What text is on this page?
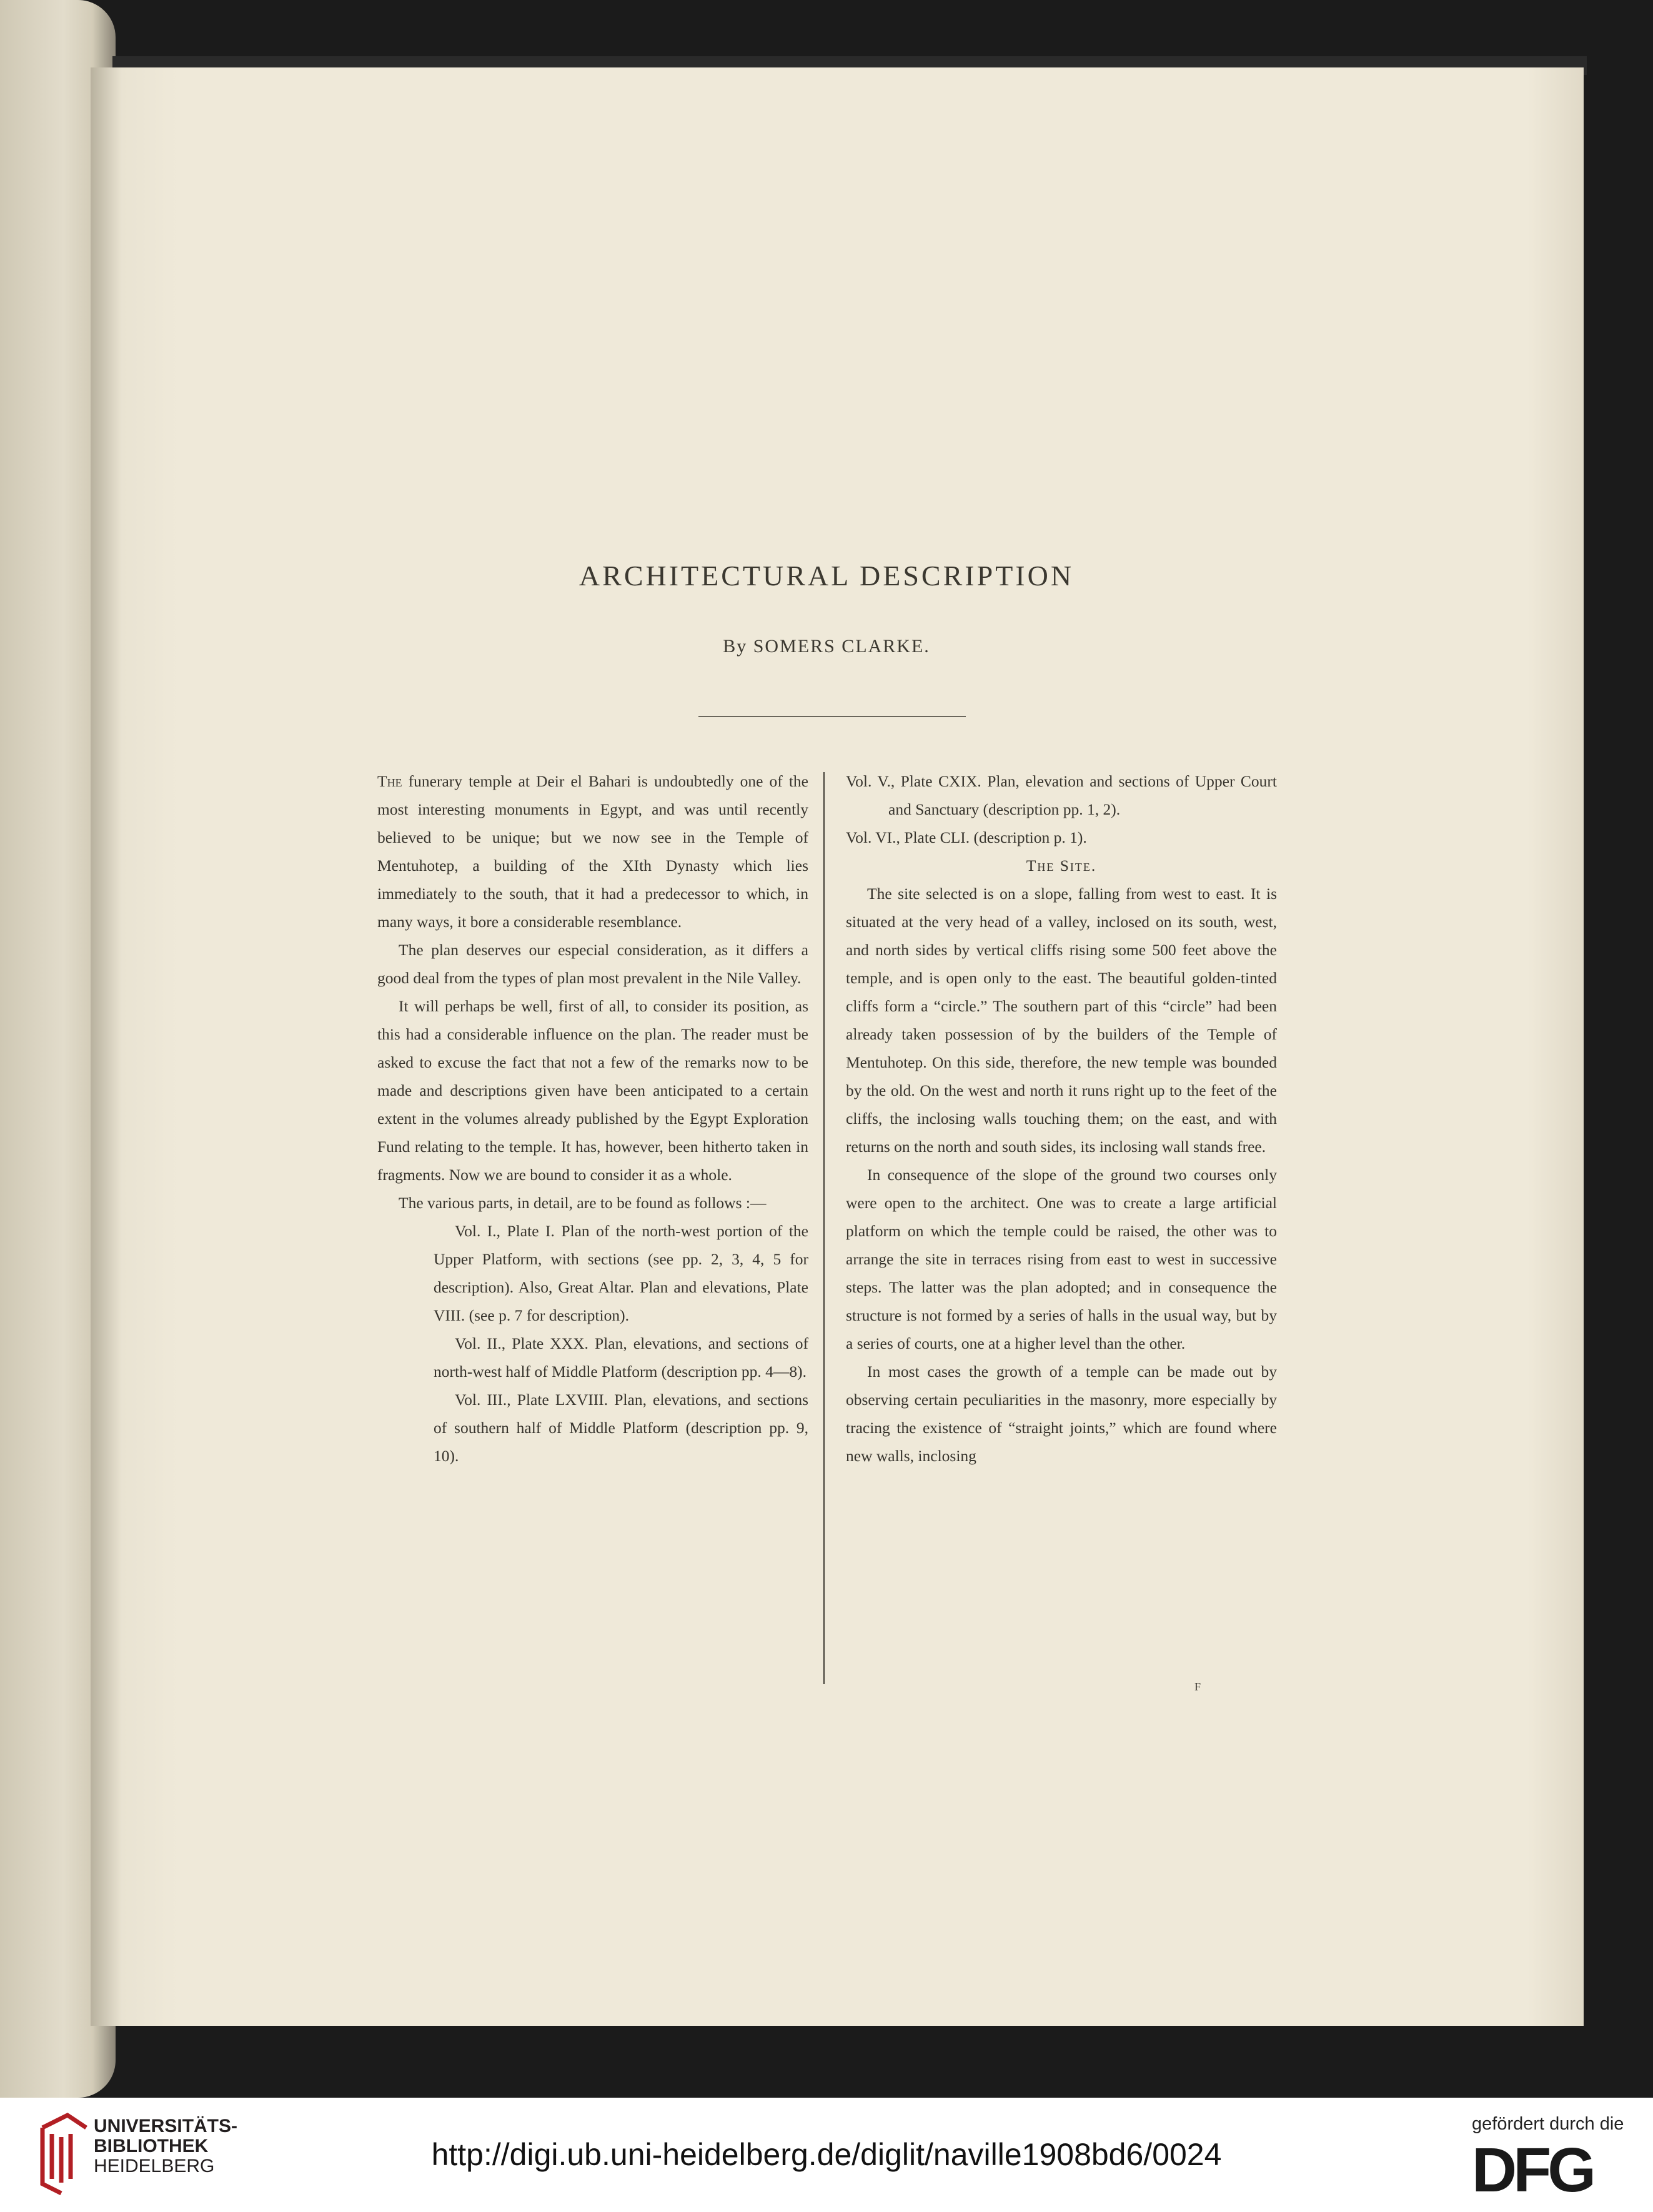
ARCHITECTURAL DESCRIPTION
By SOMERS CLARKE.

The funerary temple at Deir el Bahari is undoubtedly one of the most interesting monuments in Egypt, and was until recently believed to be unique; but we now see in the Temple of Mentuhotep, a building of the XIth Dynasty which lies immediately to the south, that it had a predecessor to which, in many ways, it bore a considerable resemblance.

The plan deserves our especial consideration, as it differs a good deal from the types of plan most prevalent in the Nile Valley.

It will perhaps be well, first of all, to consider its position, as this had a considerable influence on the plan. The reader must be asked to excuse the fact that not a few of the remarks now to be made and descriptions given have been anticipated to a certain extent in the volumes already published by the Egypt Exploration Fund relating to the temple. It has, however, been hitherto taken in fragments. Now we are bound to consider it as a whole.

The various parts, in detail, are to be found as follows :—

Vol. I., Plate I. Plan of the north-west portion of the Upper Platform, with sections (see pp. 2, 3, 4, 5 for description). Also, Great Altar. Plan and elevations, Plate VIII. (see p. 7 for description).

Vol. II., Plate XXX. Plan, elevations, and sections of north-west half of Middle Platform (description pp. 4—8).

Vol. III., Plate LXVIII. Plan, elevations, and sections of southern half of Middle Platform (description pp. 9, 10).

Vol. V., Plate CXIX. Plan, elevation and sections of Upper Court and Sanctuary (description pp. 1, 2).

Vol. VI., Plate CLI. (description p. 1).

The Site.

The site selected is on a slope, falling from west to east. It is situated at the very head of a valley, inclosed on its south, west, and north sides by vertical cliffs rising some 500 feet above the temple, and is open only to the east. The beautiful golden-tinted cliffs form a “circle.” The southern part of this “circle” had been already taken possession of by the builders of the Temple of Mentuhotep. On this side, therefore, the new temple was bounded by the old. On the west and north it runs right up to the feet of the cliffs, the inclosing walls touching them; on the east, and with returns on the north and south sides, its inclosing wall stands free.

In consequence of the slope of the ground two courses only were open to the architect. One was to create a large artificial platform on which the temple could be raised, the other was to arrange the site in terraces rising from east to west in successive steps. The latter was the plan adopted; and in consequence the structure is not formed by a series of halls in the usual way, but by a series of courts, one at a higher level than the other.

In most cases the growth of a temple can be made out by observing certain peculiarities in the masonry, more especially by tracing the existence of “straight joints,” which are found where new walls, inclosing

F
UNIVERSITÄTS-
BIBLIOTHEK
HEIDELBERG	http://digi.ub.uni-heidelberg.de/diglit/naville1908bd6/0024
gefördert durch die
DFG
